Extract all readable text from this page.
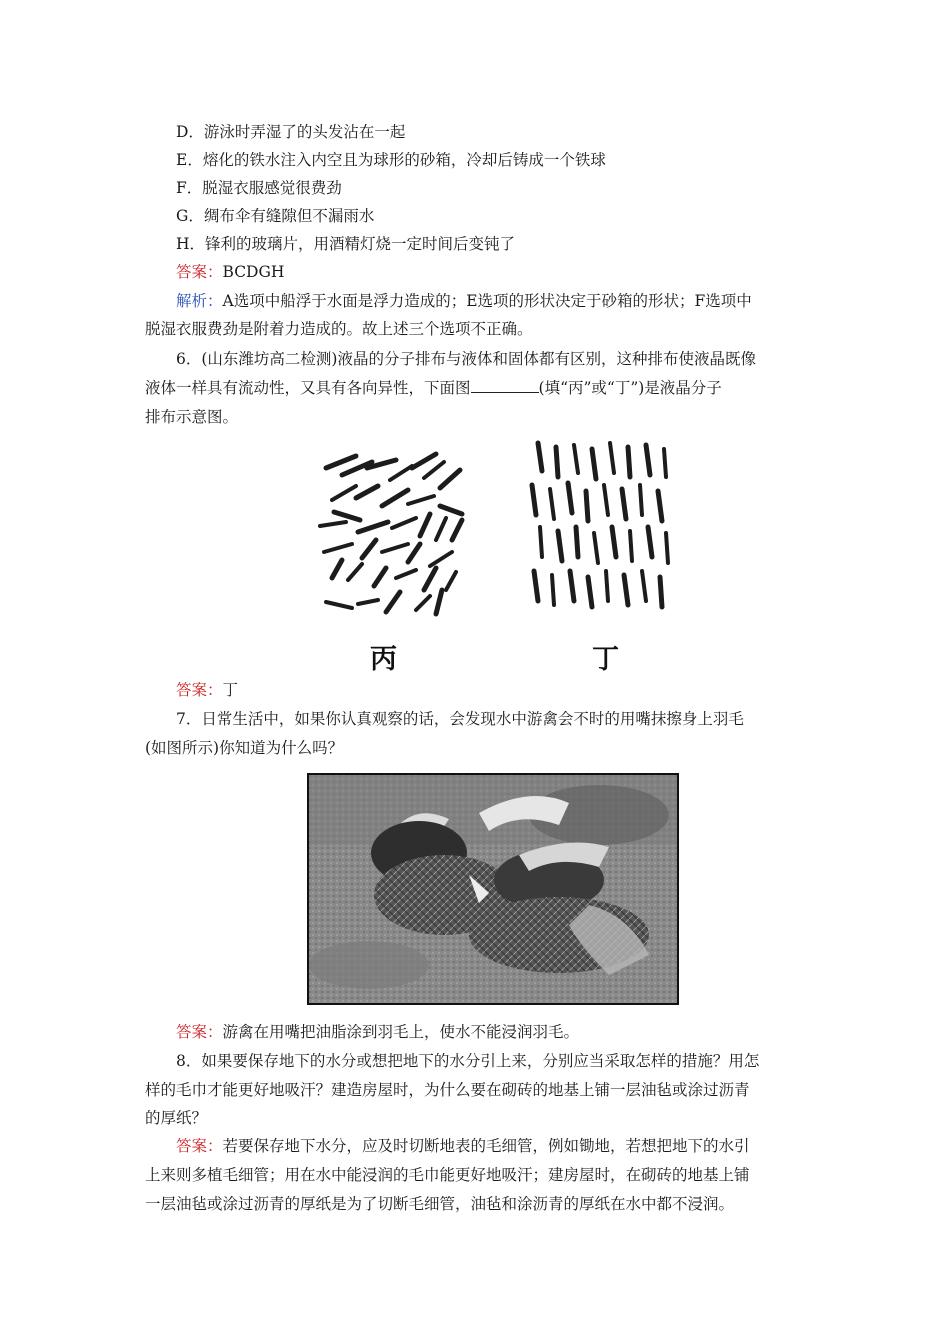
D．游泳时弄湿了的头发沾在一起
E．熔化的铁水注入内空且为球形的砂箱，冷却后铸成一个铁球
F．脱湿衣服感觉很费劲
G．绸布伞有缝隙但不漏雨水
H．锋利的玻璃片，用酒精灯烧一定时间后变钝了
答案：BCDGH
解析：A选项中船浮于水面是浮力造成的；E选项的形状决定于砂箱的形状；F选项中
脱湿衣服费劲是附着力造成的。故上述三个选项不正确。
6．(山东潍坊高二检测)液晶的分子排布与液体和固体都有区别，这种排布使液晶既像
液体一样具有流动性，又具有各向异性，下面图	(填“丙”或“丁”)是液晶分子
排布示意图。
丙	丁
答案：丁
7．日常生活中，如果你认真观察的话，会发现水中游禽会不时的用嘴抹擦身上羽毛
(如图所示)你知道为什么吗？
答案：游禽在用嘴把油脂涂到羽毛上，使水不能浸润羽毛。
8．如果要保存地下的水分或想把地下的水分引上来，分别应当采取怎样的措施？用怎
样的毛巾才能更好地吸汗？建造房屋时，为什么要在砌砖的地基上铺一层油毡或涂过沥青
的厚纸？
答案：若要保存地下水分，应及时切断地表的毛细管，例如锄地，若想把地下的水引
上来则多植毛细管；用在水中能浸润的毛巾能更好地吸汗；建房屋时，在砌砖的地基上铺
一层油毡或涂过沥青的厚纸是为了切断毛细管，油毡和涂沥青的厚纸在水中都不浸润。
